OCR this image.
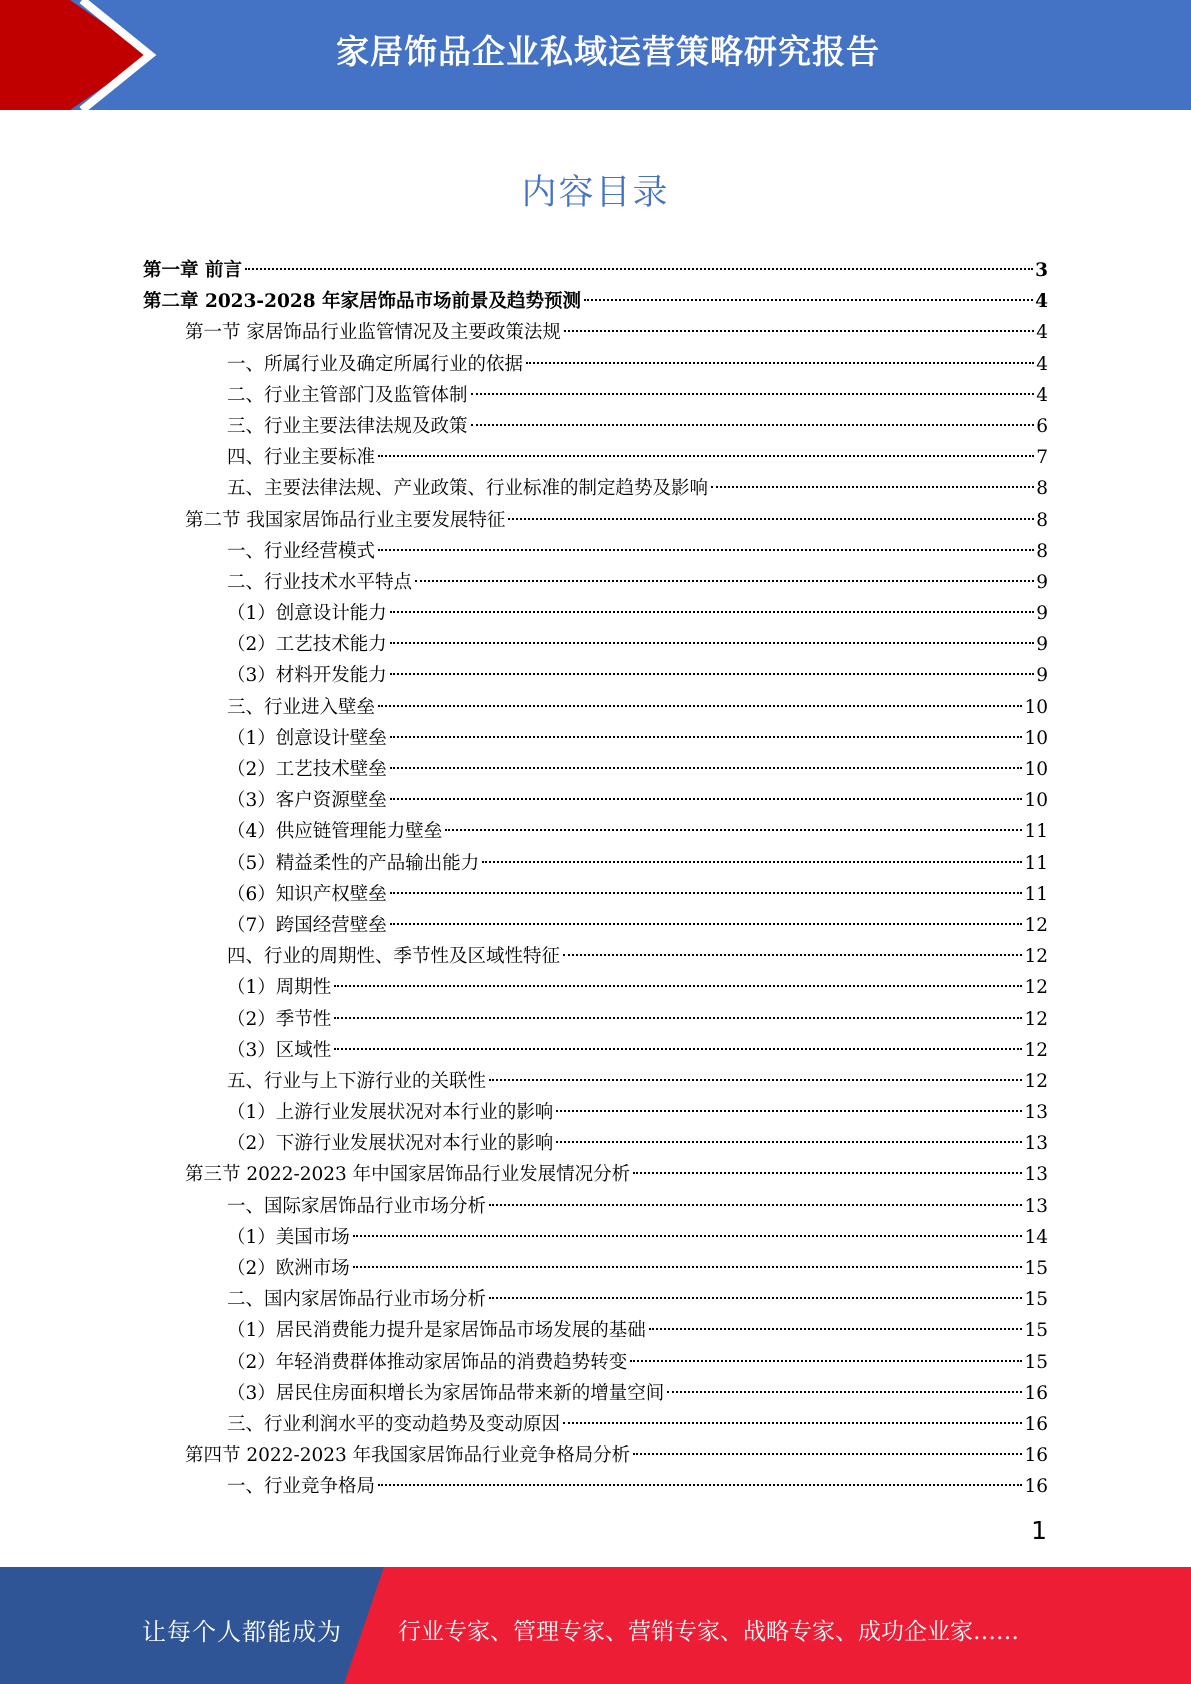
家居饰品企业私域运营策略研究报告
内容目录
第一章 前言	3
第二章 2023-2028 年家居饰品市场前景及趋势预测	4
第一节 家居饰品行业监管情况及主要政策法规	4
一、所属行业及确定所属行业的依据	4
二、行业主管部门及监管体制	4
三、行业主要法律法规及政策	6
四、行业主要标准	7
五、主要法律法规、产业政策、行业标准的制定趋势及影响	8
第二节 我国家居饰品行业主要发展特征	8
一、行业经营模式	8
二、行业技术水平特点	9
（1）创意设计能力	9
（2）工艺技术能力	9
（3）材料开发能力	9
三、行业进入壁垒	10
（1）创意设计壁垒	10
（2）工艺技术壁垒	10
（3）客户资源壁垒	10
（4）供应链管理能力壁垒	11
（5）精益柔性的产品输出能力	11
（6）知识产权壁垒	11
（7）跨国经营壁垒	12
四、行业的周期性、季节性及区域性特征	12
（1）周期性	12
（2）季节性	12
（3）区域性	12
五、行业与上下游行业的关联性	12
（1）上游行业发展状况对本行业的影响	13
（2）下游行业发展状况对本行业的影响	13
第三节 2022-2023 年中国家居饰品行业发展情况分析	13
一、国际家居饰品行业市场分析	13
（1）美国市场	14
（2）欧洲市场	15
二、国内家居饰品行业市场分析	15
（1）居民消费能力提升是家居饰品市场发展的基础	15
（2）年轻消费群体推动家居饰品的消费趋势转变	15
（3）居民住房面积增长为家居饰品带来新的增量空间	16
三、行业利润水平的变动趋势及变动原因	16
第四节 2022-2023 年我国家居饰品行业竞争格局分析	16
一、行业竞争格局	16
1
让每个人都能成为 行业专家、管理专家、营销专家、战略专家、成功企业家……
